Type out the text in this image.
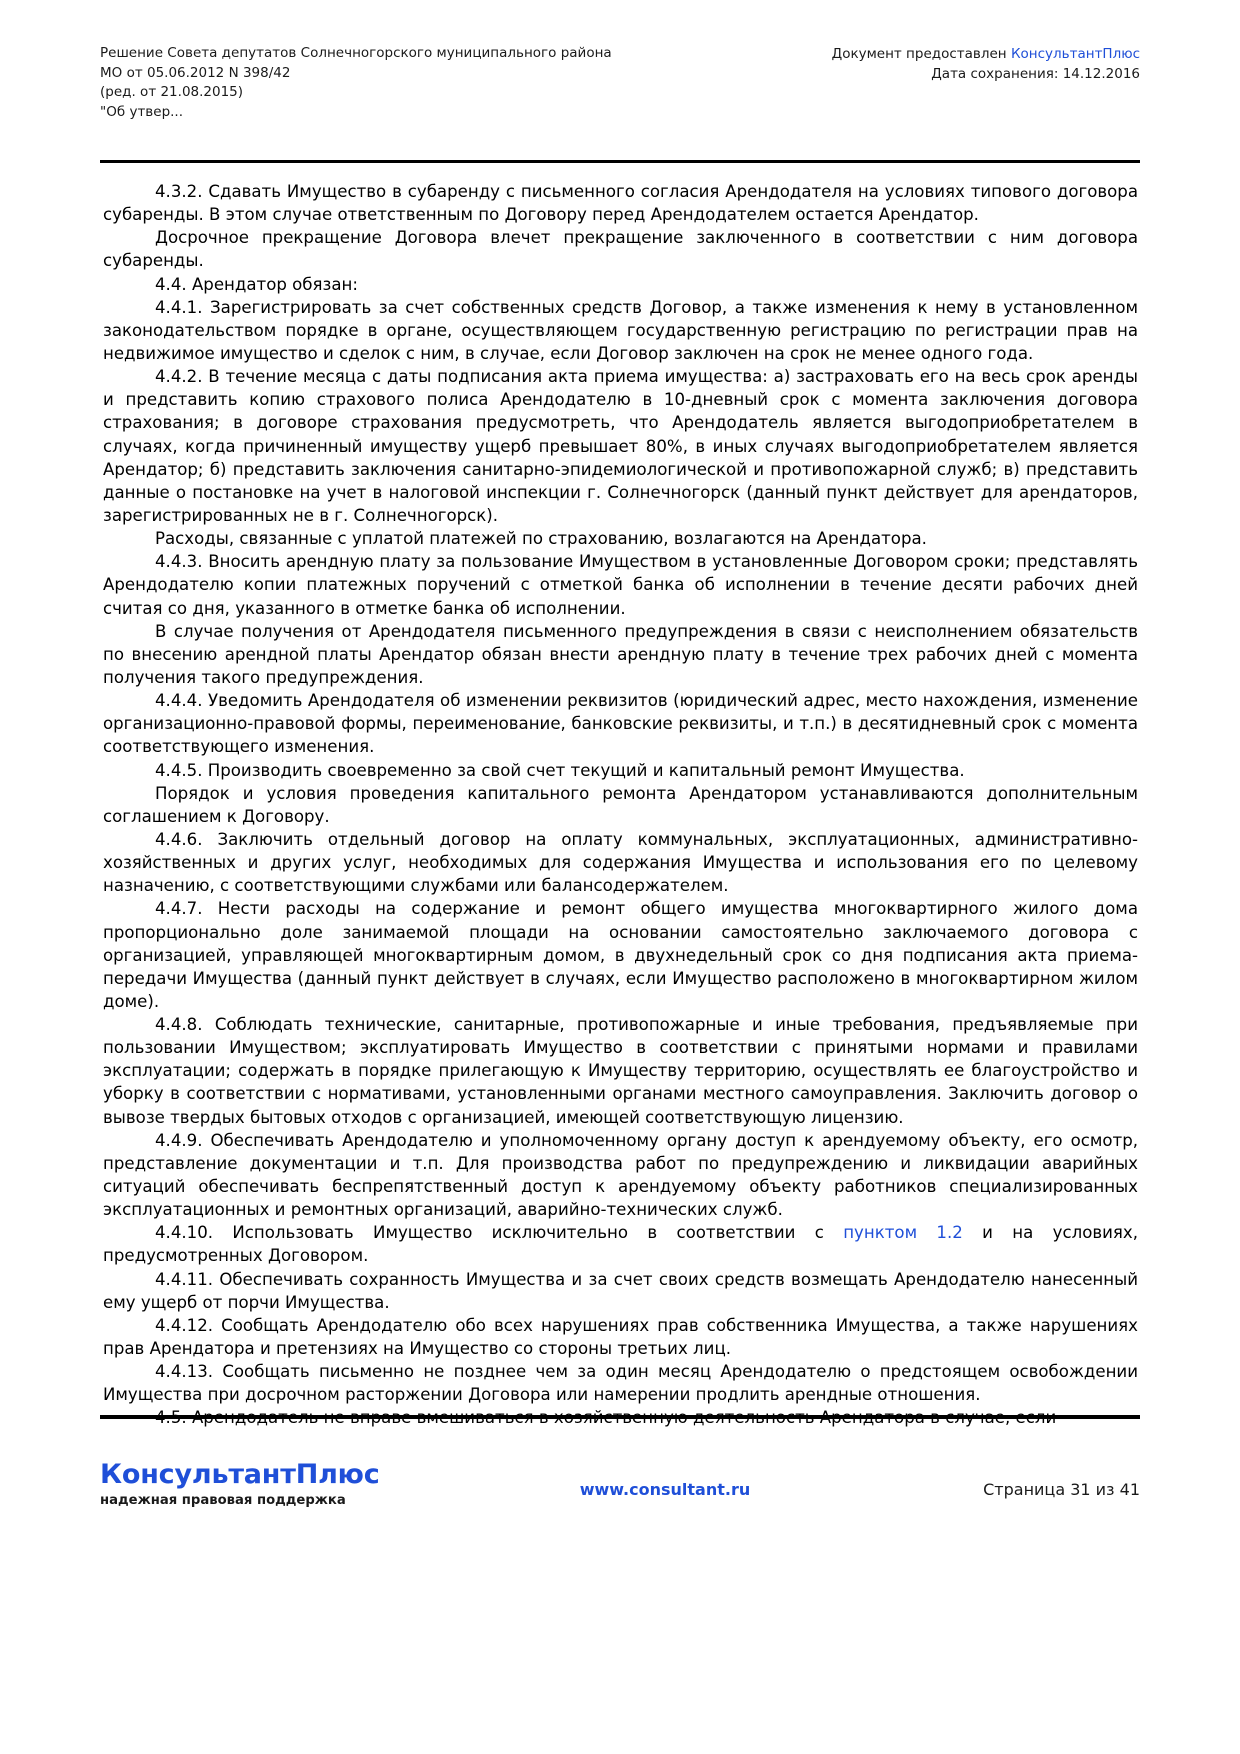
Решение Совета депутатов Солнечногорского муниципального района
МО от 05.06.2012 N 398/42
(ред. от 21.08.2015)
"Об утвер...
Документ предоставлен КонсультантПлюс
Дата сохранения: 14.12.2016

4.3.2. Сдавать Имущество в субаренду с письменного согласия Арендодателя на условиях типового договора субаренды. В этом случае ответственным по Договору перед Арендодателем остается Арендатор.

Досрочное прекращение Договора влечет прекращение заключенного в соответствии с ним договора субаренды.

4.4. Арендатор обязан:

4.4.1. Зарегистрировать за счет собственных средств Договор, а также изменения к нему в установленном законодательством порядке в органе, осуществляющем государственную регистрацию по регистрации прав на недвижимое имущество и сделок с ним, в случае, если Договор заключен на срок не менее одного года.

4.4.2. В течение месяца с даты подписания акта приема имущества: а) застраховать его на весь срок аренды и представить копию страхового полиса Арендодателю в 10-дневный срок с момента заключения договора страхования; в договоре страхования предусмотреть, что Арендодатель является выгодоприобретателем в случаях, когда причиненный имуществу ущерб превышает 80%, в иных случаях выгодоприобретателем является Арендатор; б) представить заключения санитарно-эпидемиологической и противопожарной служб; в) представить данные о постановке на учет в налоговой инспекции г. Солнечногорск (данный пункт действует для арендаторов, зарегистрированных не в г. Солнечногорск).

Расходы, связанные с уплатой платежей по страхованию, возлагаются на Арендатора.

4.4.3. Вносить арендную плату за пользование Имуществом в установленные Договором сроки; представлять Арендодателю копии платежных поручений с отметкой банка об исполнении в течение десяти рабочих дней считая со дня, указанного в отметке банка об исполнении.

В случае получения от Арендодателя письменного предупреждения в связи с неисполнением обязательств по внесению арендной платы Арендатор обязан внести арендную плату в течение трех рабочих дней с момента получения такого предупреждения.

4.4.4. Уведомить Арендодателя об изменении реквизитов (юридический адрес, место нахождения, изменение организационно-правовой формы, переименование, банковские реквизиты, и т.п.) в десятидневный срок с момента соответствующего изменения.

4.4.5. Производить своевременно за свой счет текущий и капитальный ремонт Имущества.

Порядок и условия проведения капитального ремонта Арендатором устанавливаются дополнительным соглашением к Договору.

4.4.6. Заключить отдельный договор на оплату коммунальных, эксплуатационных, административно-хозяйственных и других услуг, необходимых для содержания Имущества и использования его по целевому назначению, с соответствующими службами или балансодержателем.

4.4.7. Нести расходы на содержание и ремонт общего имущества многоквартирного жилого дома пропорционально доле занимаемой площади на основании самостоятельно заключаемого договора с организацией, управляющей многоквартирным домом, в двухнедельный срок со дня подписания акта приема-передачи Имущества (данный пункт действует в случаях, если Имущество расположено в многоквартирном жилом доме).

4.4.8. Соблюдать технические, санитарные, противопожарные и иные требования, предъявляемые при пользовании Имуществом; эксплуатировать Имущество в соответствии с принятыми нормами и правилами эксплуатации; содержать в порядке прилегающую к Имуществу территорию, осуществлять ее благоустройство и уборку в соответствии с нормативами, установленными органами местного самоуправления. Заключить договор о вывозе твердых бытовых отходов с организацией, имеющей соответствующую лицензию.

4.4.9. Обеспечивать Арендодателю и уполномоченному органу доступ к арендуемому объекту, его осмотр, представление документации и т.п. Для производства работ по предупреждению и ликвидации аварийных ситуаций обеспечивать беспрепятственный доступ к арендуемому объекту работников специализированных эксплуатационных и ремонтных организаций, аварийно-технических служб.

4.4.10. Использовать Имущество исключительно в соответствии с пунктом 1.2 и на условиях, предусмотренных Договором.

4.4.11. Обеспечивать сохранность Имущества и за счет своих средств возмещать Арендодателю нанесенный ему ущерб от порчи Имущества.

4.4.12. Сообщать Арендодателю обо всех нарушениях прав собственника Имущества, а также нарушениях прав Арендатора и претензиях на Имущество со стороны третьих лиц.

4.4.13. Сообщать письменно не позднее чем за один месяц Арендодателю о предстоящем освобождении Имущества при досрочном расторжении Договора или намерении продлить арендные отношения.

КонсультантПлюс
надежная правовая поддержка
www.consultant.ru	Страница 31 из 41
